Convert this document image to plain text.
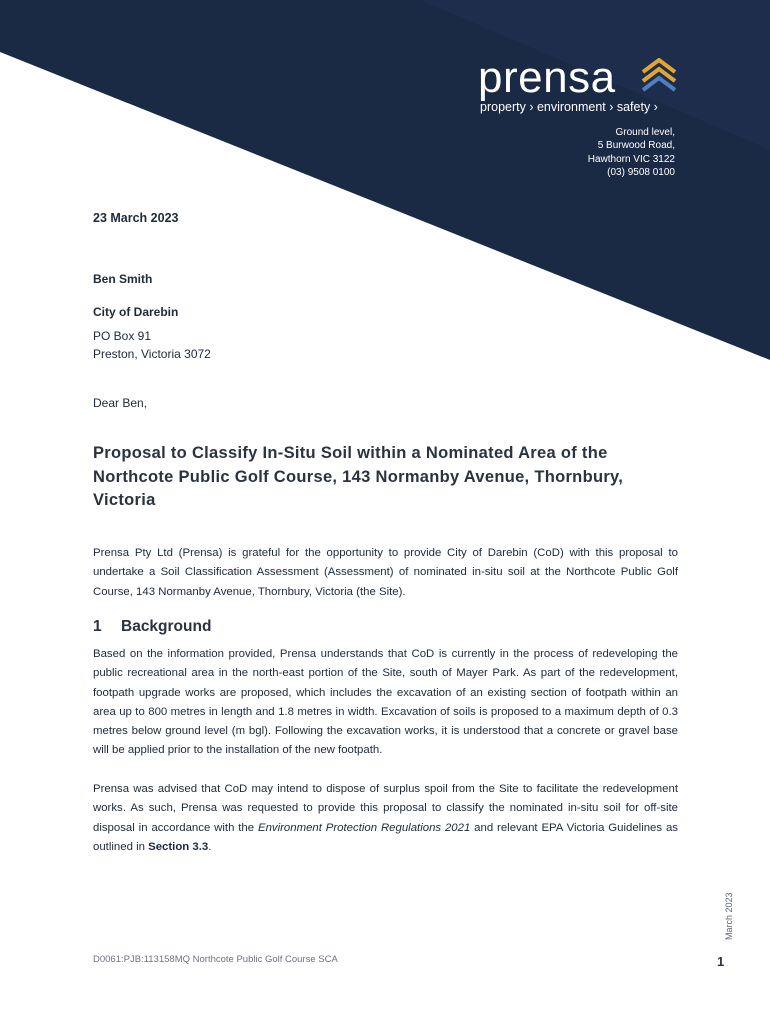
prensa
property › environment › safety ›
Ground level,
5 Burwood Road,
Hawthorn VIC 3122
(03) 9508 0100
23 March 2023
Ben Smith
City of Darebin
PO Box 91
Preston, Victoria 3072
Dear Ben,
Proposal to Classify In-Situ Soil within a Nominated Area of the Northcote Public Golf Course, 143 Normanby Avenue, Thornbury, Victoria

Prensa Pty Ltd (Prensa) is grateful for the opportunity to provide City of Darebin (CoD) with this proposal to undertake a Soil Classification Assessment (Assessment) of nominated in-situ soil at the Northcote Public Golf Course, 143 Normanby Avenue, Thornbury, Victoria (the Site).

1 Background

Based on the information provided, Prensa understands that CoD is currently in the process of redeveloping the public recreational area in the north-east portion of the Site, south of Mayer Park. As part of the redevelopment, footpath upgrade works are proposed, which includes the excavation of an existing section of footpath within an area up to 800 metres in length and 1.8 metres in width. Excavation of soils is proposed to a maximum depth of 0.3 metres below ground level (m bgl). Following the excavation works, it is understood that a concrete or gravel base will be applied prior to the installation of the new footpath.

Prensa was advised that CoD may intend to dispose of surplus spoil from the Site to facilitate the redevelopment works. As such, Prensa was requested to provide this proposal to classify the nominated in-situ soil for off-site disposal in accordance with the Environment Protection Regulations 2021 and relevant EPA Victoria Guidelines as outlined in Section 3.3.

March 2023
D0061:PJB:113158MQ Northcote Public Golf Course SCA	1
